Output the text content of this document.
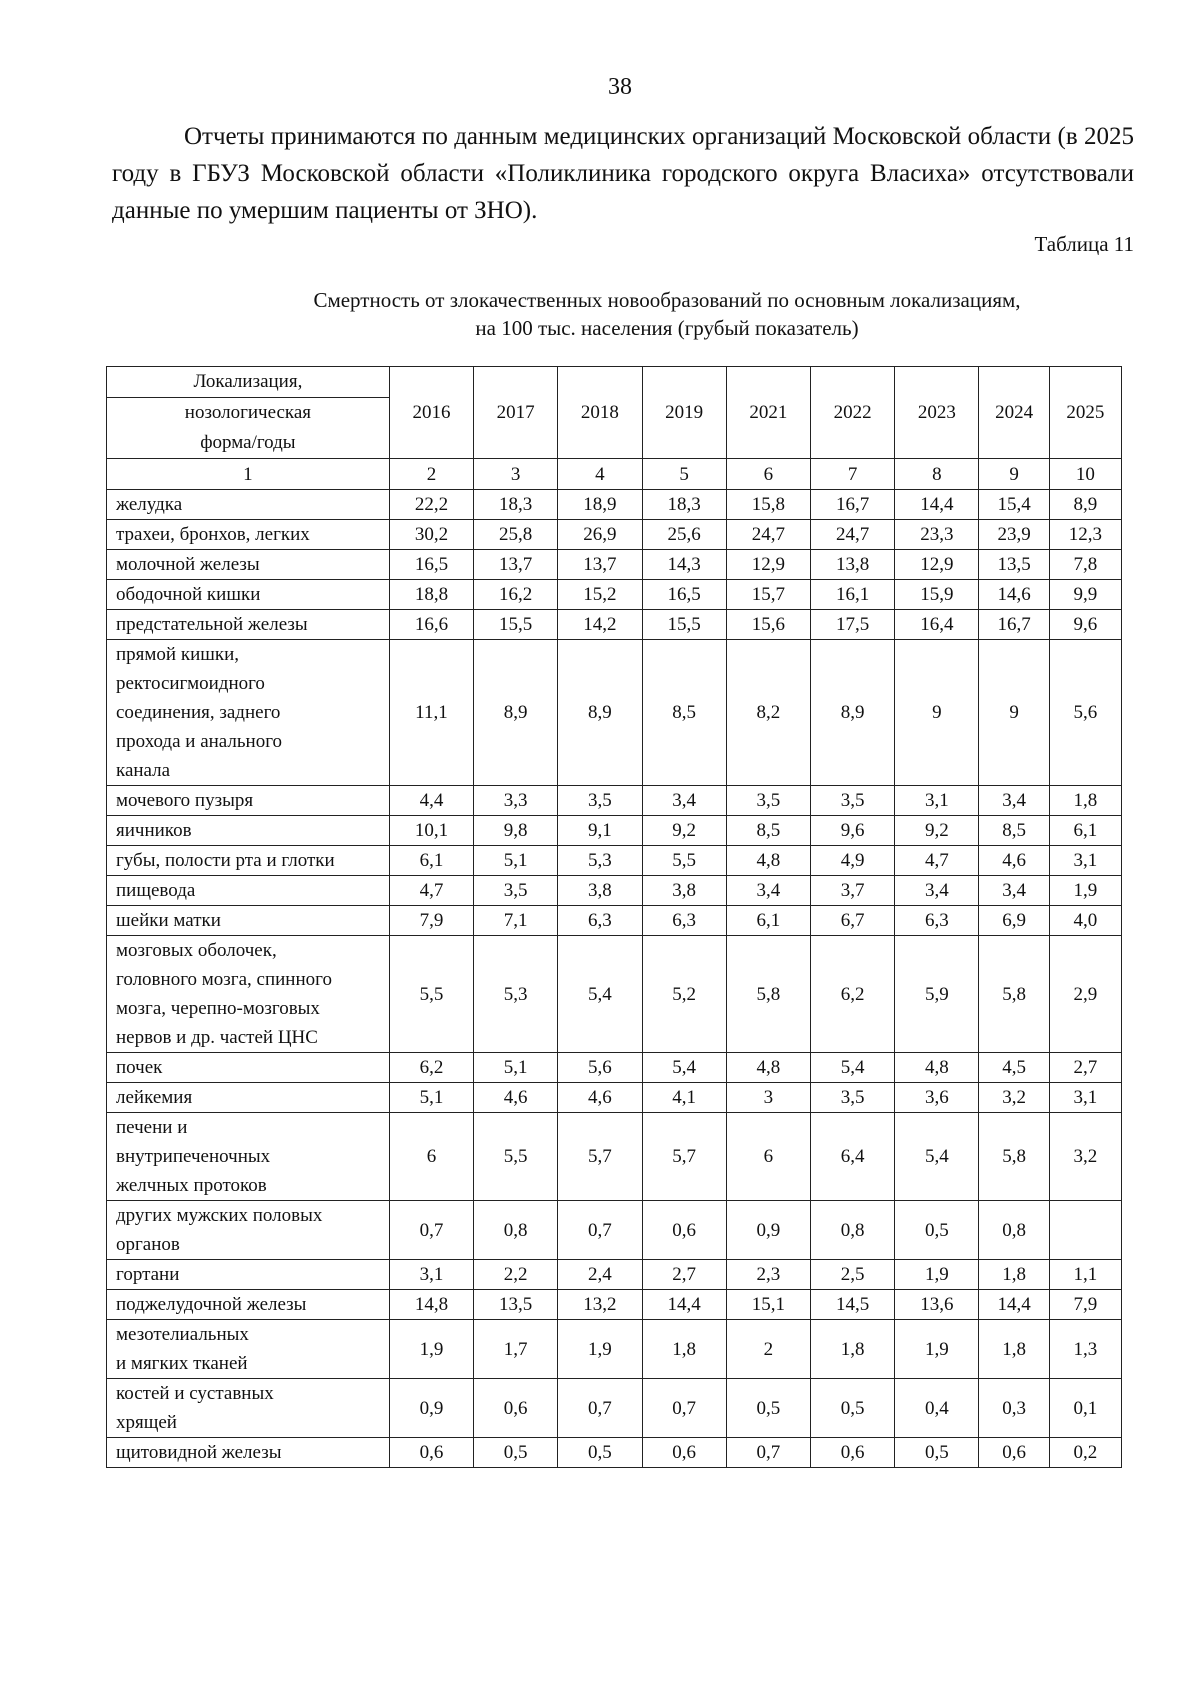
38

Отчеты принимаются по данным медицинских организаций Московской области (в 2025 году в ГБУЗ Московской области «Поликлиника городского округа Власиха» отсутствовали данные по умершим пациенты от ЗНО).

Таблица 11
Смертность от злокачественных новообразований по основным локализациям,
на 100 тыс. населения (грубый показатель)
Локализация,
нозологическая
форма/годы	2016	2017	2018	2019	2021	2022	2023	2024	2025
1	2	3	4	5	6	7	8	9	10

желудка	22,2	18,3	18,9	18,3	15,8	16,7	14,4	15,4	8,9

трахеи, бронхов, легких	30,2	25,8	26,9	25,6	24,7	24,7	23,3	23,9	12,3

молочной железы	16,5	13,7	13,7	14,3	12,9	13,8	12,9	13,5	7,8

ободочной кишки	18,8	16,2	15,2	16,5	15,7	16,1	15,9	14,6	9,9

предстательной железы	16,6	15,5	14,2	15,5	15,6	17,5	16,4	16,7	9,6

прямой кишки,
ректосигмоидного
соединения, заднего
прохода и анального
канала	11,1	8,9	8,9	8,5	8,2	8,9	9	9	5,6

мочевого пузыря	4,4	3,3	3,5	3,4	3,5	3,5	3,1	3,4	1,8

яичников	10,1	9,8	9,1	9,2	8,5	9,6	9,2	8,5	6,1

губы, полости рта и глотки	6,1	5,1	5,3	5,5	4,8	4,9	4,7	4,6	3,1

пищевода	4,7	3,5	3,8	3,8	3,4	3,7	3,4	3,4	1,9

шейки матки	7,9	7,1	6,3	6,3	6,1	6,7	6,3	6,9	4,0

мозговых оболочек,
головного мозга, спинного
мозга, черепно-мозговых
нервов и др. частей ЦНС	5,5	5,3	5,4	5,2	5,8	6,2	5,9	5,8	2,9

почек	6,2	5,1	5,6	5,4	4,8	5,4	4,8	4,5	2,7

лейкемия	5,1	4,6	4,6	4,1	3	3,5	3,6	3,2	3,1

печени и
внутрипеченочных
желчных протоков	6	5,5	5,7	5,7	6	6,4	5,4	5,8	3,2

других мужских половых
органов	0,7	0,8	0,7	0,6	0,9	0,8	0,5	0,8	

гортани	3,1	2,2	2,4	2,7	2,3	2,5	1,9	1,8	1,1

поджелудочной железы	14,8	13,5	13,2	14,4	15,1	14,5	13,6	14,4	7,9

мезотелиальных
и мягких тканей	1,9	1,7	1,9	1,8	2	1,8	1,9	1,8	1,3

костей и суставных
хрящей	0,9	0,6	0,7	0,7	0,5	0,5	0,4	0,3	0,1

щитовидной железы	0,6	0,5	0,5	0,6	0,7	0,6	0,5	0,6	0,2
